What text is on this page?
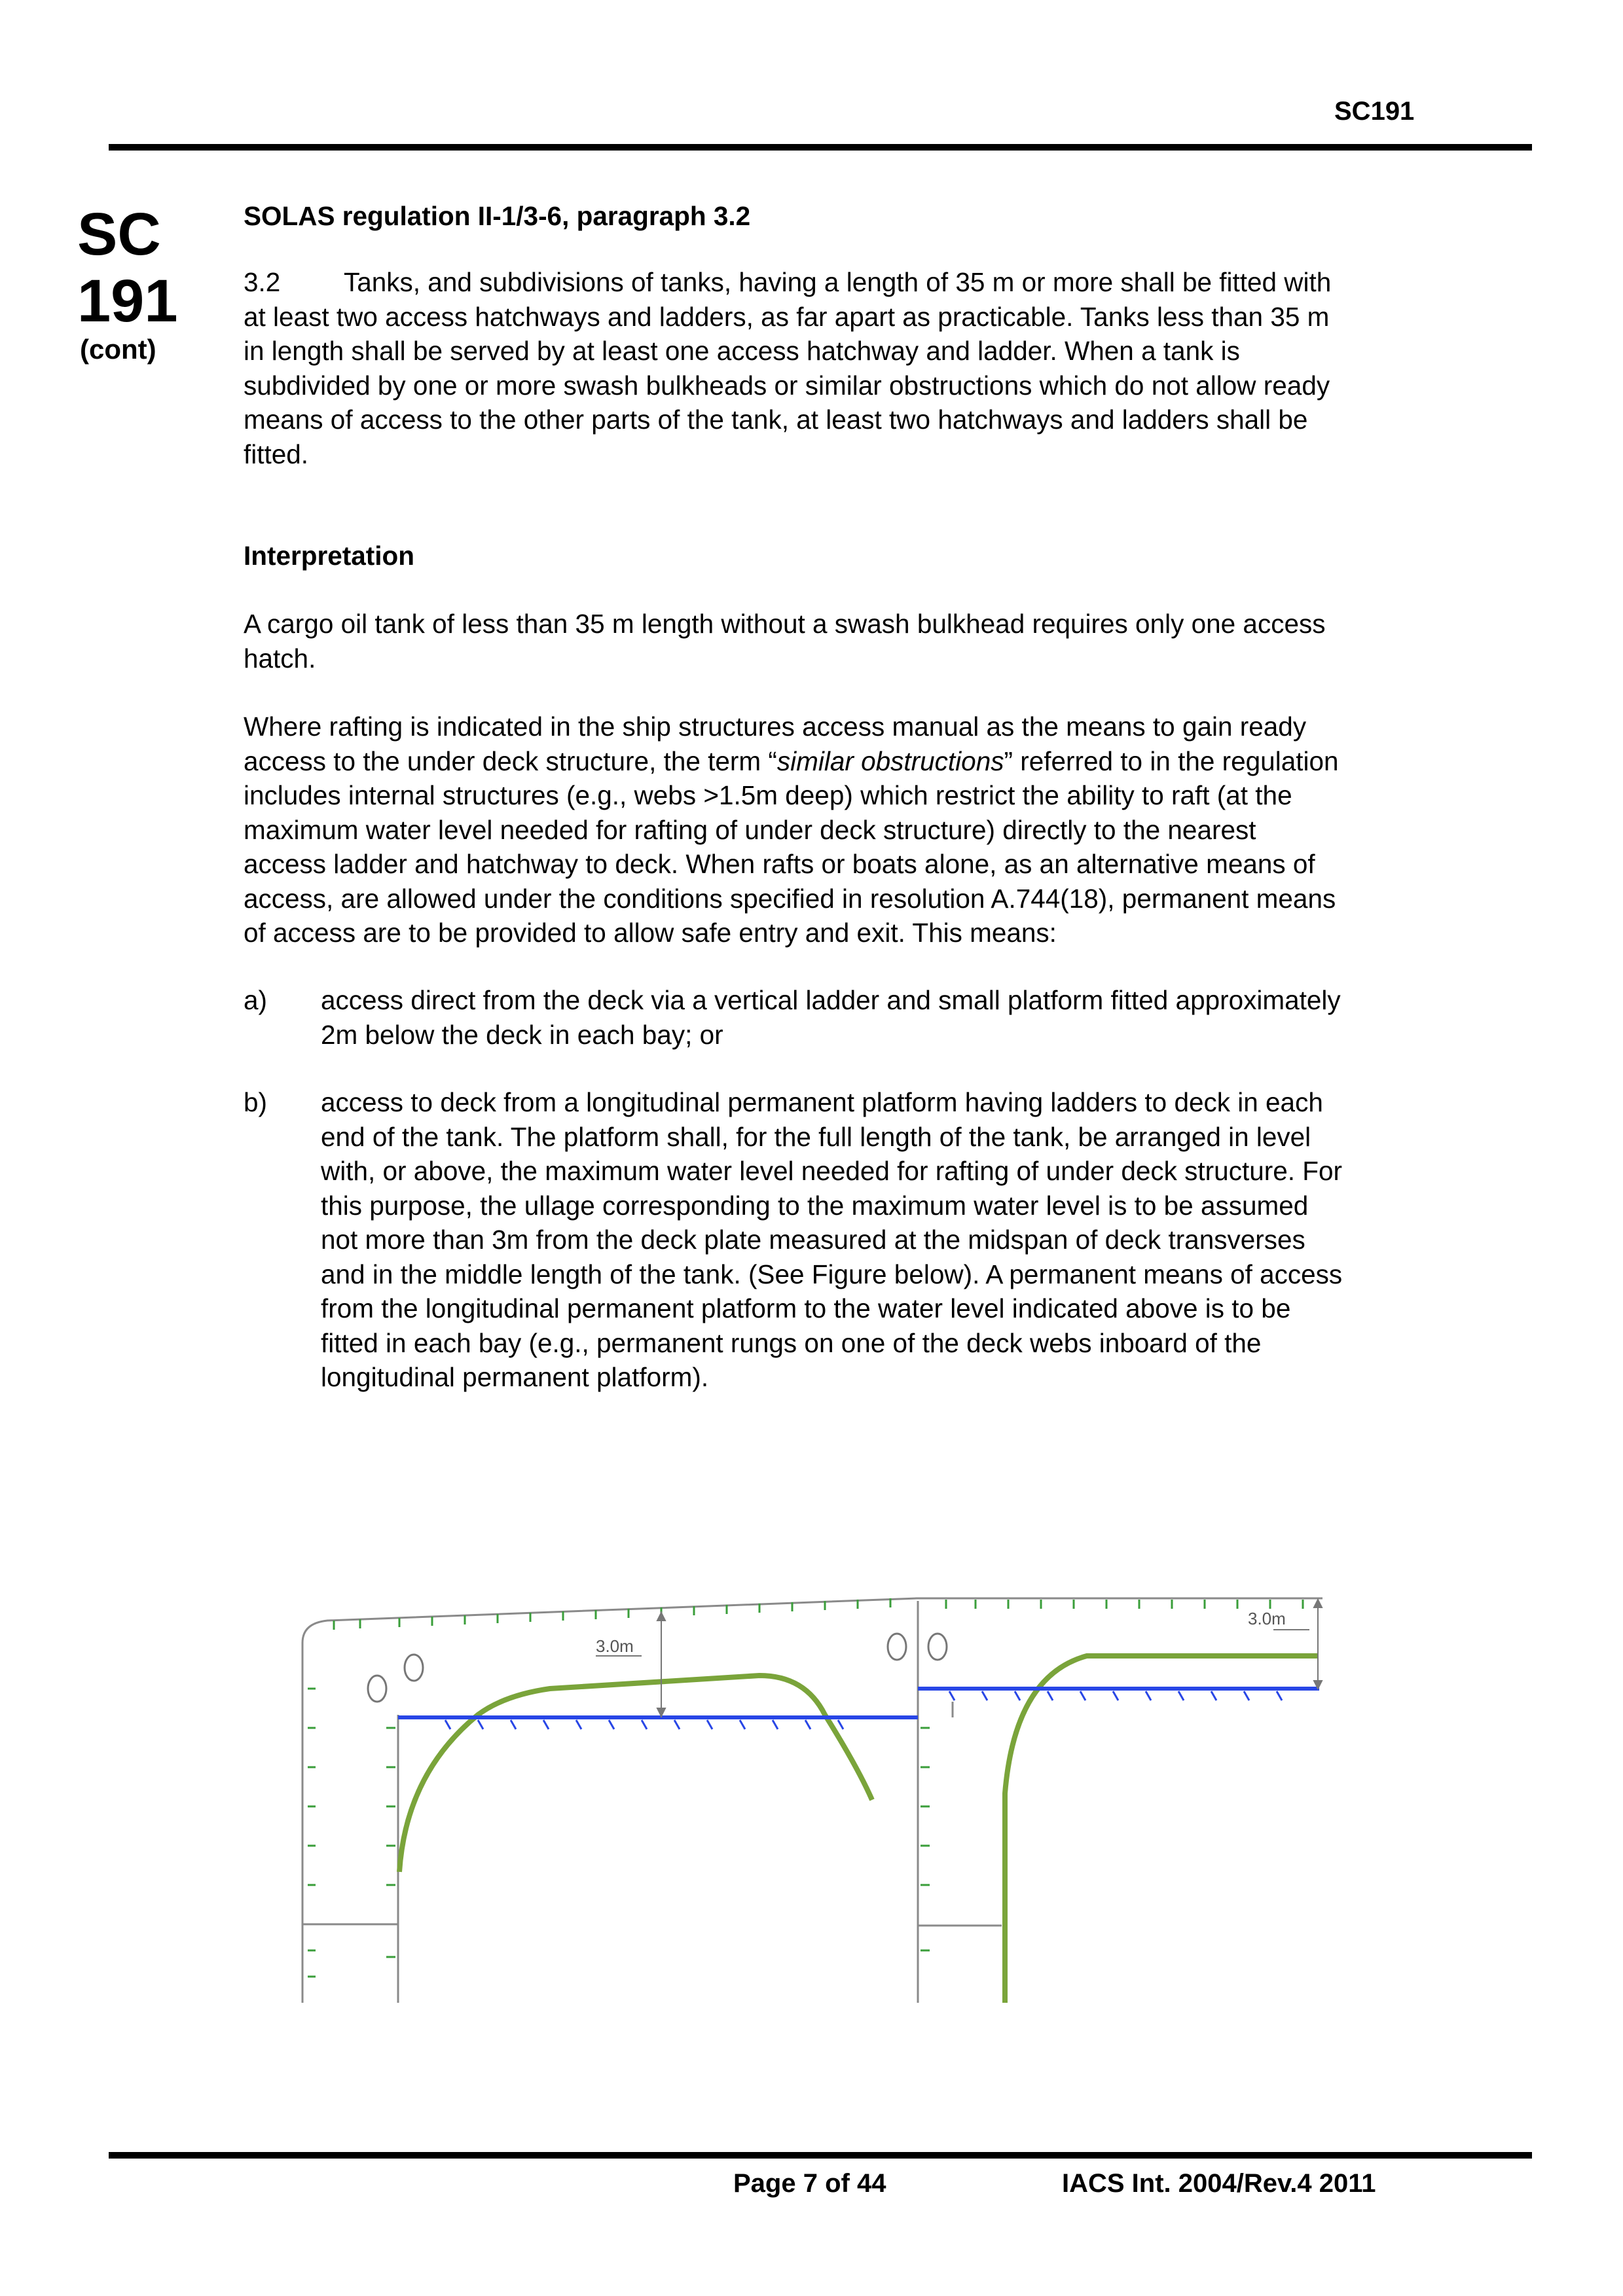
SC191
SC
191
(cont)
SOLAS regulation II-1/3-6, paragraph 3.2
3.2 Tanks, and subdivisions of tanks, having a length of 35 m or more shall be fitted with
at least two access hatchways and ladders, as far apart as practicable. Tanks less than 35 m
in length shall be served by at least one access hatchway and ladder. When a tank is
subdivided by one or more swash bulkheads or similar obstructions which do not allow ready
means of access to the other parts of the tank, at least two hatchways and ladders shall be
fitted.
Interpretation
A cargo oil tank of less than 35 m length without a swash bulkhead requires only one access
hatch.
Where rafting is indicated in the ship structures access manual as the means to gain ready
access to the under deck structure, the term “similar obstructions” referred to in the regulation
includes internal structures (e.g., webs >1.5m deep) which restrict the ability to raft (at the
maximum water level needed for rafting of under deck structure) directly to the nearest
access ladder and hatchway to deck. When rafts or boats alone, as an alternative means of
access, are allowed under the conditions specified in resolution A.744(18), permanent means
of access are to be provided to allow safe entry and exit. This means:
a) access direct from the deck via a vertical ladder and small platform fitted approximately
2m below the deck in each bay; or
b) access to deck from a longitudinal permanent platform having ladders to deck in each
end of the tank. The platform shall, for the full length of the tank, be arranged in level
with, or above, the maximum water level needed for rafting of under deck structure. For
this purpose, the ullage corresponding to the maximum water level is to be assumed
not more than 3m from the deck plate measured at the midspan of deck transverses
and in the middle length of the tank. (See Figure below). A permanent means of access
from the longitudinal permanent platform to the water level indicated above is to be
fitted in each bay (e.g., permanent rungs on one of the deck webs inboard of the
longitudinal permanent platform).
3.0m
3.0m
Page 7 of 44	IACS Int. 2004/Rev.4 2011
